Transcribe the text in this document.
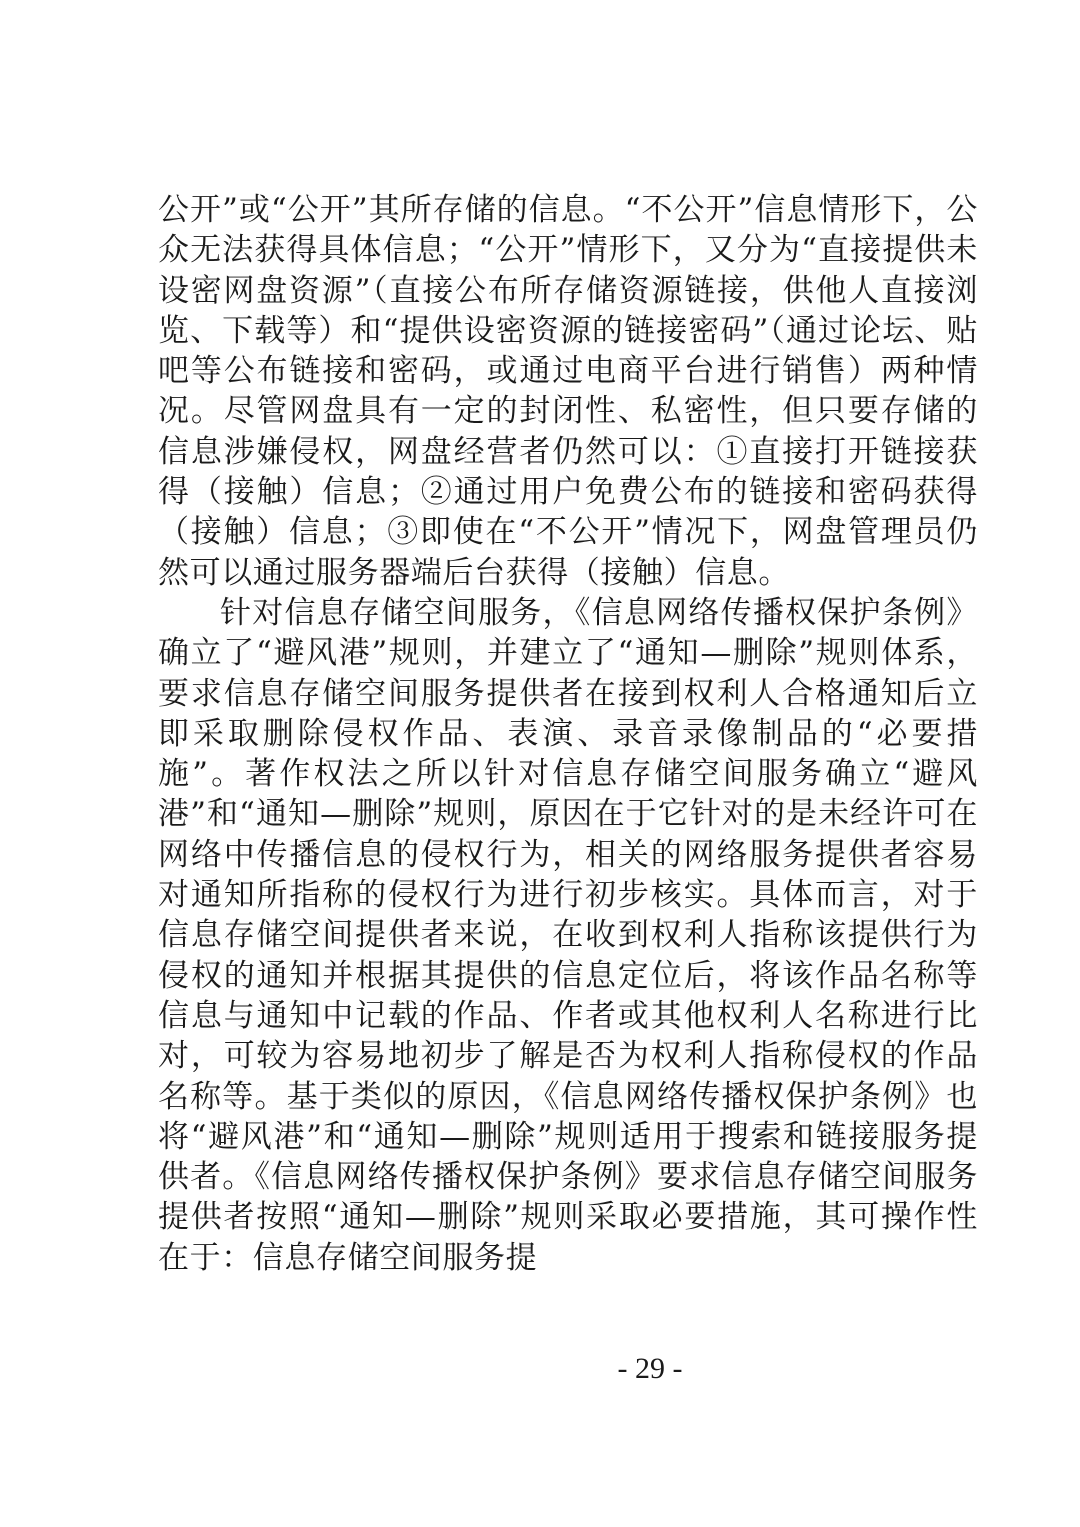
公开”或“公开”其所存储的信息。“不公开”信息情形下，公众无法获得具体信息；“公开”情形下，又分为“直接提供未设密网盘资源”（直接公布所存储资源链接，供他人直接浏览、下载等）和“提供设密资源的链接密码”（通过论坛、贴吧等公布链接和密码，或通过电商平台进行销售）两种情况。尽管网盘具有一定的封闭性、私密性，但只要存储的信息涉嫌侵权，网盘经营者仍然可以：①直接打开链接获得（接触）信息；②通过用户免费公布的链接和密码获得（接触）信息；③即使在“不公开”情况下，网盘管理员仍然可以通过服务器端后台获得（接触）信息。

针对信息存储空间服务，《信息网络传播权保护条例》确立了“避风港”规则，并建立了“通知—删除”规则体系，要求信息存储空间服务提供者在接到权利人合格通知后立即采取删除侵权作品、表演、录音录像制品的“必要措施”。著作权法之所以针对信息存储空间服务确立“避风港”和“通知—删除”规则，原因在于它针对的是未经许可在网络中传播信息的侵权行为，相关的网络服务提供者容易对通知所指称的侵权行为进行初步核实。具体而言，对于信息存储空间提供者来说，在收到权利人指称该提供行为侵权的通知并根据其提供的信息定位后，将该作品名称等信息与通知中记载的作品、作者或其他权利人名称进行比对，可较为容易地初步了解是否为权利人指称侵权的作品名称等。基于类似的原因，《信息网络传播权保护条例》也将“避风港”和“通知—删除”规则适用于搜索和链接服务提供者。《信息网络传播权保护条例》要求信息存储空间服务提供者按照“通知—删除”规则采取必要措施，其可操作性在于：信息存储空间服务提

- 29 -
